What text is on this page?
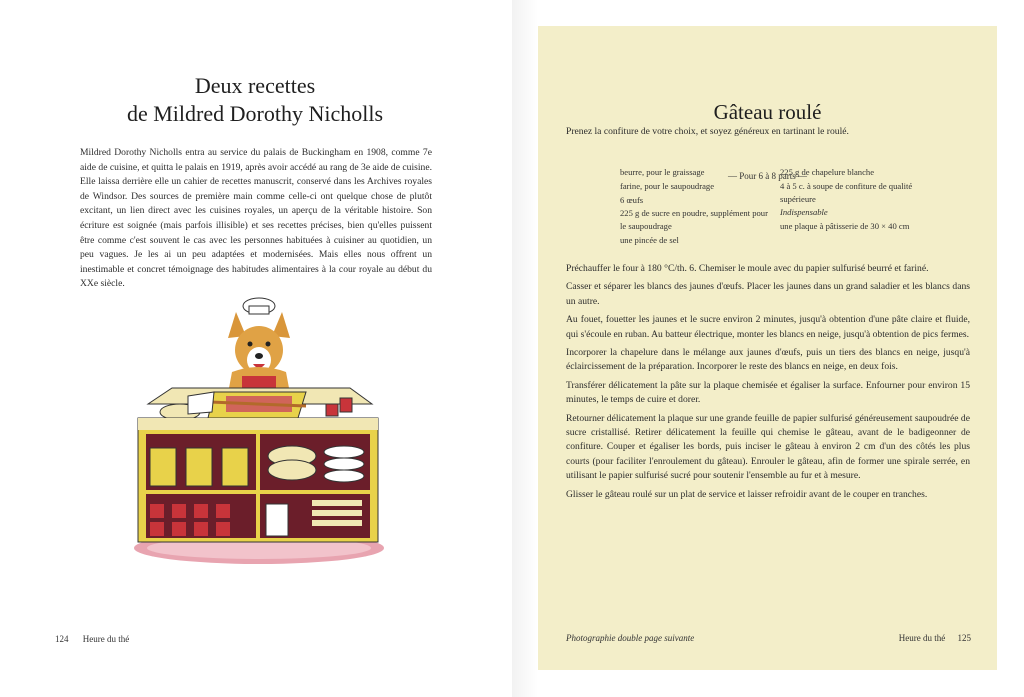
Deux recettes
de Mildred Dorothy Nicholls
Mildred Dorothy Nicholls entra au service du palais de Buckingham en 1908, comme 7e aide de cuisine, et quitta le palais en 1919, après avoir accédé au rang de 3e aide de cuisine. Elle laissa derrière elle un cahier de recettes manuscrit, conservé dans les Archives royales de Windsor. Des sources de première main comme celle-ci ont quelque chose de plutôt excitant, un lien direct avec les cuisines royales, un aperçu de la véritable histoire. Son écriture est soignée (mais parfois illisible) et ses recettes précises, bien qu'elles puissent être comme c'est souvent le cas avec les personnes habituées à cuisiner au quotidien, un peu vagues. Je les ai un peu adaptées et modernisées. Mais elles nous offrent un inestimable et concret témoignage des habitudes alimentaires à la cour royale au début du XXe siècle.
124 Heure du thé
Gâteau roulé
Prenez la confiture de votre choix, et soyez généreux en tartinant le roulé.
— Pour 6 à 8 parts —
beurre, pour le graissage
farine, pour le saupoudrage
6 œufs
225 g de sucre en poudre, supplément pour le saupoudrage
une pincée de sel
225 g de chapelure blanche
4 à 5 c. à soupe de confiture de qualité supérieure
Indispensable
une plaque à pâtisserie de 30 × 40 cm

Préchauffer le four à 180 °C/th. 6. Chemiser le moule avec du papier sulfurisé beurré et fariné.

Casser et séparer les blancs des jaunes d'œufs. Placer les jaunes dans un grand saladier et les blancs dans un autre.

Au fouet, fouetter les jaunes et le sucre environ 2 minutes, jusqu'à obtention d'une pâte claire et fluide, qui s'écoule en ruban. Au batteur électrique, monter les blancs en neige, jusqu'à obtention de pics fermes.

Incorporer la chapelure dans le mélange aux jaunes d'œufs, puis un tiers des blancs en neige, jusqu'à éclaircissement de la préparation. Incorporer le reste des blancs en neige, en deux fois.

Transférer délicatement la pâte sur la plaque chemisée et égaliser la surface. Enfourner pour environ 15 minutes, le temps de cuire et dorer.

Retourner délicatement la plaque sur une grande feuille de papier sulfurisé généreusement saupoudrée de sucre cristallisé. Retirer délicatement la feuille qui chemise le gâteau, avant de le badigeonner de confiture. Couper et égaliser les bords, puis inciser le gâteau à environ 2 cm d'un des côtés les plus courts (pour faciliter l'enroulement du gâteau). Enrouler le gâteau, afin de former une spirale serrée, en utilisant le papier sulfurisé sucré pour soutenir l'ensemble au fur et à mesure.

Glisser le gâteau roulé sur un plat de service et laisser refroidir avant de le couper en tranches.

Photographie double page suivante	Heure du thé 125
